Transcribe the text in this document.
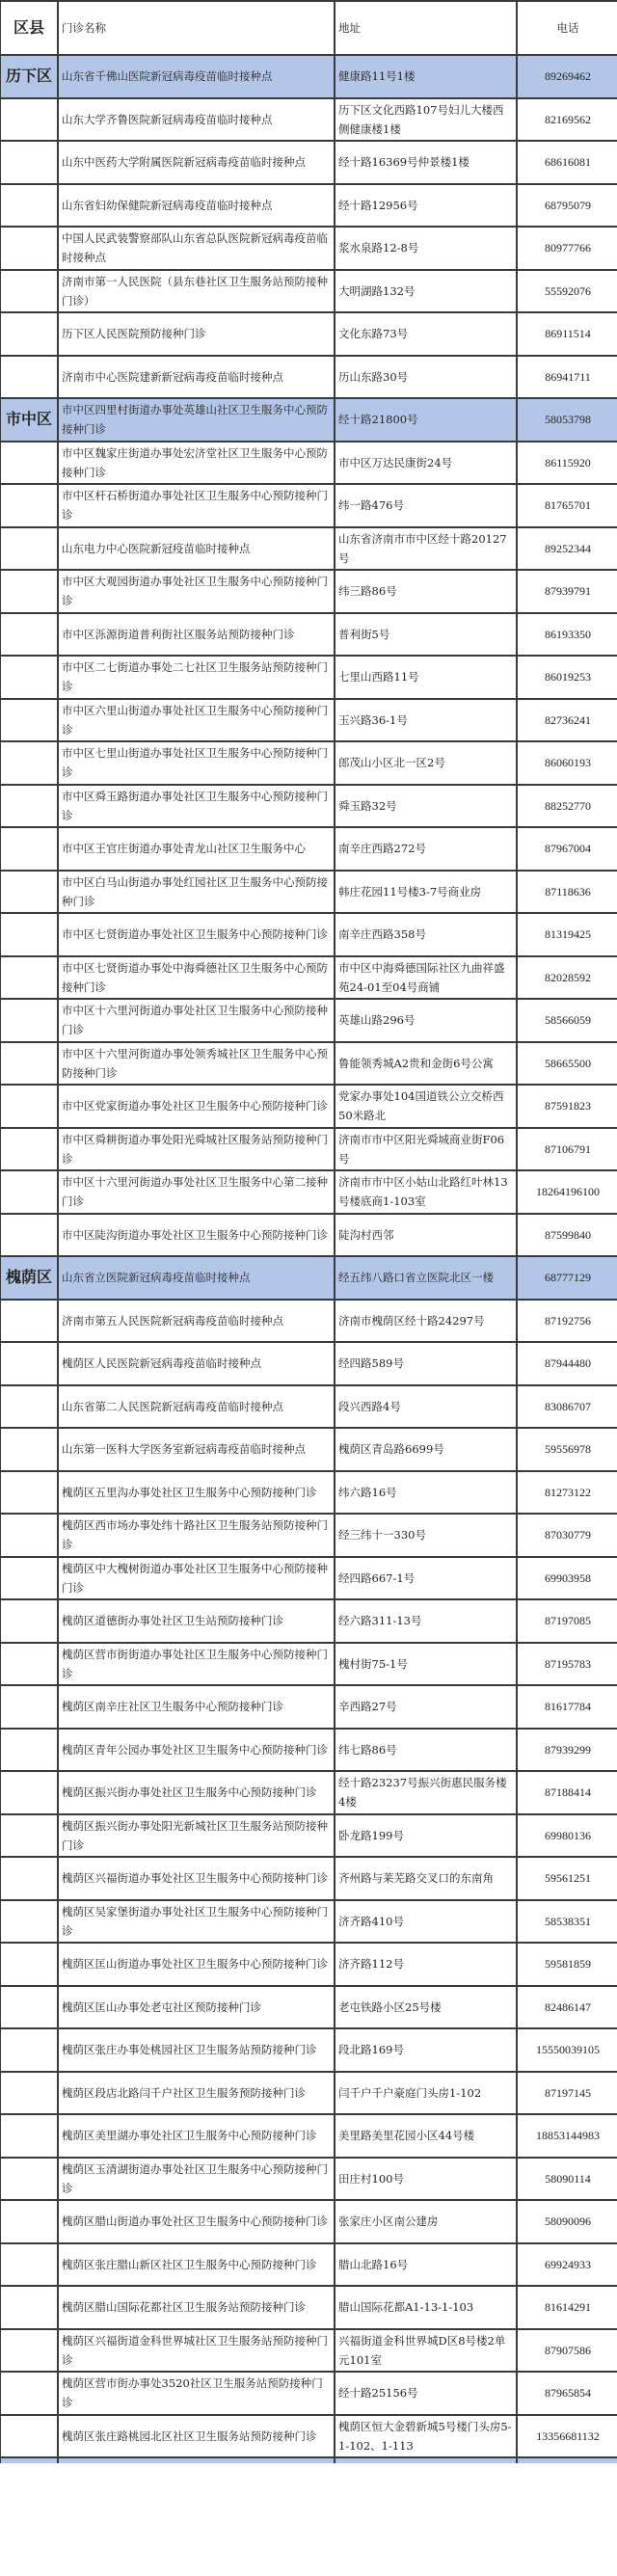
区县	门诊名称	地址	电话
历下区	山东省千佛山医院新冠病毒疫苗临时接种点	健康路11号1楼	89269462
	山东大学齐鲁医院新冠病毒疫苗临时接种点	历下区文化西路107号妇儿大楼西侧健康楼1楼	82169562
	山东中医药大学附属医院新冠病毒疫苗临时接种点	经十路16369号仲景楼1楼	68616081
	山东省妇幼保健院新冠病毒疫苗临时接种点	经十路12956号	68795079
	中国人民武装警察部队山东省总队医院新冠病毒疫苗临时接种点	浆水泉路12-8号	80977766
	济南市第一人民医院（县东巷社区卫生服务站预防接种门诊）	大明湖路132号	55592076
	历下区人民医院预防接种门诊	文化东路73号	86911514
	济南市中心医院建新新冠病毒疫苗临时接种点	历山东路30号	86941711
市中区	市中区四里村街道办事处英雄山社区卫生服务中心预防接种门诊	经十路21800号	58053798
	市中区魏家庄街道办事处宏济堂社区卫生服务中心预防接种门诊	市中区万达民康街24号	86115920
	市中区杆石桥街道办事处社区卫生服务中心预防接种门诊	纬一路476号	81765701
	山东电力中心医院新冠疫苗临时接种点	山东省济南市市中区经十路20127号	89252344
	市中区大观园街道办事处社区卫生服务中心预防接种门诊	纬三路86号	87939791
	市中区泺源街道普利街社区服务站预防接种门诊	普利街5号	86193350
	市中区二七街道办事处二七社区卫生服务站预防接种门诊	七里山西路11号	86019253
	市中区六里山街道办事处社区卫生服务中心预防接种门诊	玉兴路36-1号	82736241
	市中区七里山街道办事处社区卫生服务中心预防接种门诊	郎茂山小区北一区2号	86060193
	市中区舜玉路街道办事处社区卫生服务中心预防接种门诊	舜玉路32号	88252770
	市中区王官庄街道办事处青龙山社区卫生服务中心	南辛庄西路272号	87967004
	市中区白马山街道办事处红园社区卫生服务中心预防接种门诊	韩庄花园11号楼3-7号商业房	87118636
	市中区七贤街道办事处社区卫生服务中心预防接种门诊	南辛庄西路358号	81319425
	市中区七贤街道办事处中海舜德社区卫生服务中心预防接种门诊	市中区中海舜德国际社区九曲祥盛苑24-01至04号商铺	82028592
	市中区十六里河街道办事处社区卫生服务中心预防接种门诊	英雄山路296号	58566059
	市中区十六里河街道办事处领秀城社区卫生服务中心预防接种门诊	鲁能领秀城A2贵和金街6号公寓	58665500
	市中区党家街道办事处社区卫生服务中心预防接种门诊	党家办事处104国道铁公立交桥西50米路北	87591823
	市中区舜耕街道办事处阳光舜城社区服务站预防接种门诊	济南市市中区阳光舜城商业街F06号	87106791
	市中区十六里河街道办事处社区卫生服务中心第二接种门诊	济南市市中区小姑山北路红叶林13号楼底商1-103室	18264196100
	市中区陡沟街道办事处社区卫生服务中心预防接种门诊	陡沟村西邻	87599840
槐荫区	山东省立医院新冠病毒疫苗临时接种点	经五纬八路口省立医院北区一楼	68777129
	济南市第五人民医院新冠病毒疫苗临时接种点	济南市槐荫区经十路24297号	87192756
	槐荫区人民医院新冠病毒疫苗临时接种点	经四路589号	87944480
	山东省第二人民医院新冠病毒疫苗临时接种点	段兴西路4号	83086707
	山东第一医科大学医务室新冠病毒疫苗临时接种点	槐荫区青岛路6699号	59556978
	槐荫区五里沟办事处社区卫生服务中心预防接种门诊	纬六路16号	81273122
	槐荫区西市场办事处纬十路社区卫生服务站预防接种门诊	经三纬十一330号	87030779
	槐荫区中大槐树街道办事处社区卫生服务中心预防接种门诊	经四路667-1号	69903958
	槐荫区道德街办事处社区卫生站预防接种门诊	经六路311-13号	87197085
	槐荫区营市街街道办事处社区卫生服务中心预防接种门诊	槐村街75-1号	87195783
	槐荫区南辛庄社区卫生服务中心预防接种门诊	辛西路27号	81617784
	槐荫区青年公园办事处社区卫生服务中心预防接种门诊	纬七路86号	87939299
	槐荫区振兴街办事处社区卫生服务中心预防接种门诊	经十路23237号振兴街惠民服务楼4楼	87188414
	槐荫区振兴街办事处阳光新城社区卫生服务站预防接种门诊	卧龙路199号	69980136
	槐荫区兴福街道办事处社区卫生服务中心预防接种门诊	齐州路与莱芜路交叉口的东南角	59561251
	槐荫区吴家堡街道办事处社区卫生服务中心预防接种门诊	济齐路410号	58538351
	槐荫区匡山街道办事处社区卫生服务中心预防接种门诊	济齐路112号	59581859
	槐荫区匡山办事处老屯社区预防接种门诊	老屯铁路小区25号楼	82486147
	槐荫区张庄办事处桃园社区卫生服务站预防接种门诊	段北路169号	15550039105
	槐荫区段店北路闫千户社区卫生服务预防接种门诊	闫千户千户豪庭门头房1-102	87197145
	槐荫区美里湖办事处社区卫生服务中心预防接种门诊	美里路美里花园小区44号楼	18853144983
	槐荫区玉清湖街道办事处社区卫生服务中心预防接种门诊	田庄村100号	58090114
	槐荫区腊山街道办事处社区卫生服务中心预防接种门诊	张家庄小区南公建房	58090096
	槐荫区张庄腊山新区社区卫生服务中心预防接种门诊	腊山北路16号	69924933
	槐荫区腊山国际花都社区卫生服务站预防接种门诊	腊山国际花都A1-13-1-103	81614291
	槐荫区兴福街道金科世界城社区卫生服务站预防接种门诊	兴福街道金科世界城D区8号楼2单元101室	87907586
	槐荫区营市街办事处3520社区卫生服务站预防接种门诊	经十路25156号	87965854
	槐荫区张庄路桃园北区社区卫生服务站预防接种门诊	槐荫区恒大金碧新城5号楼门头房5-1-102、1-113	13356681132
